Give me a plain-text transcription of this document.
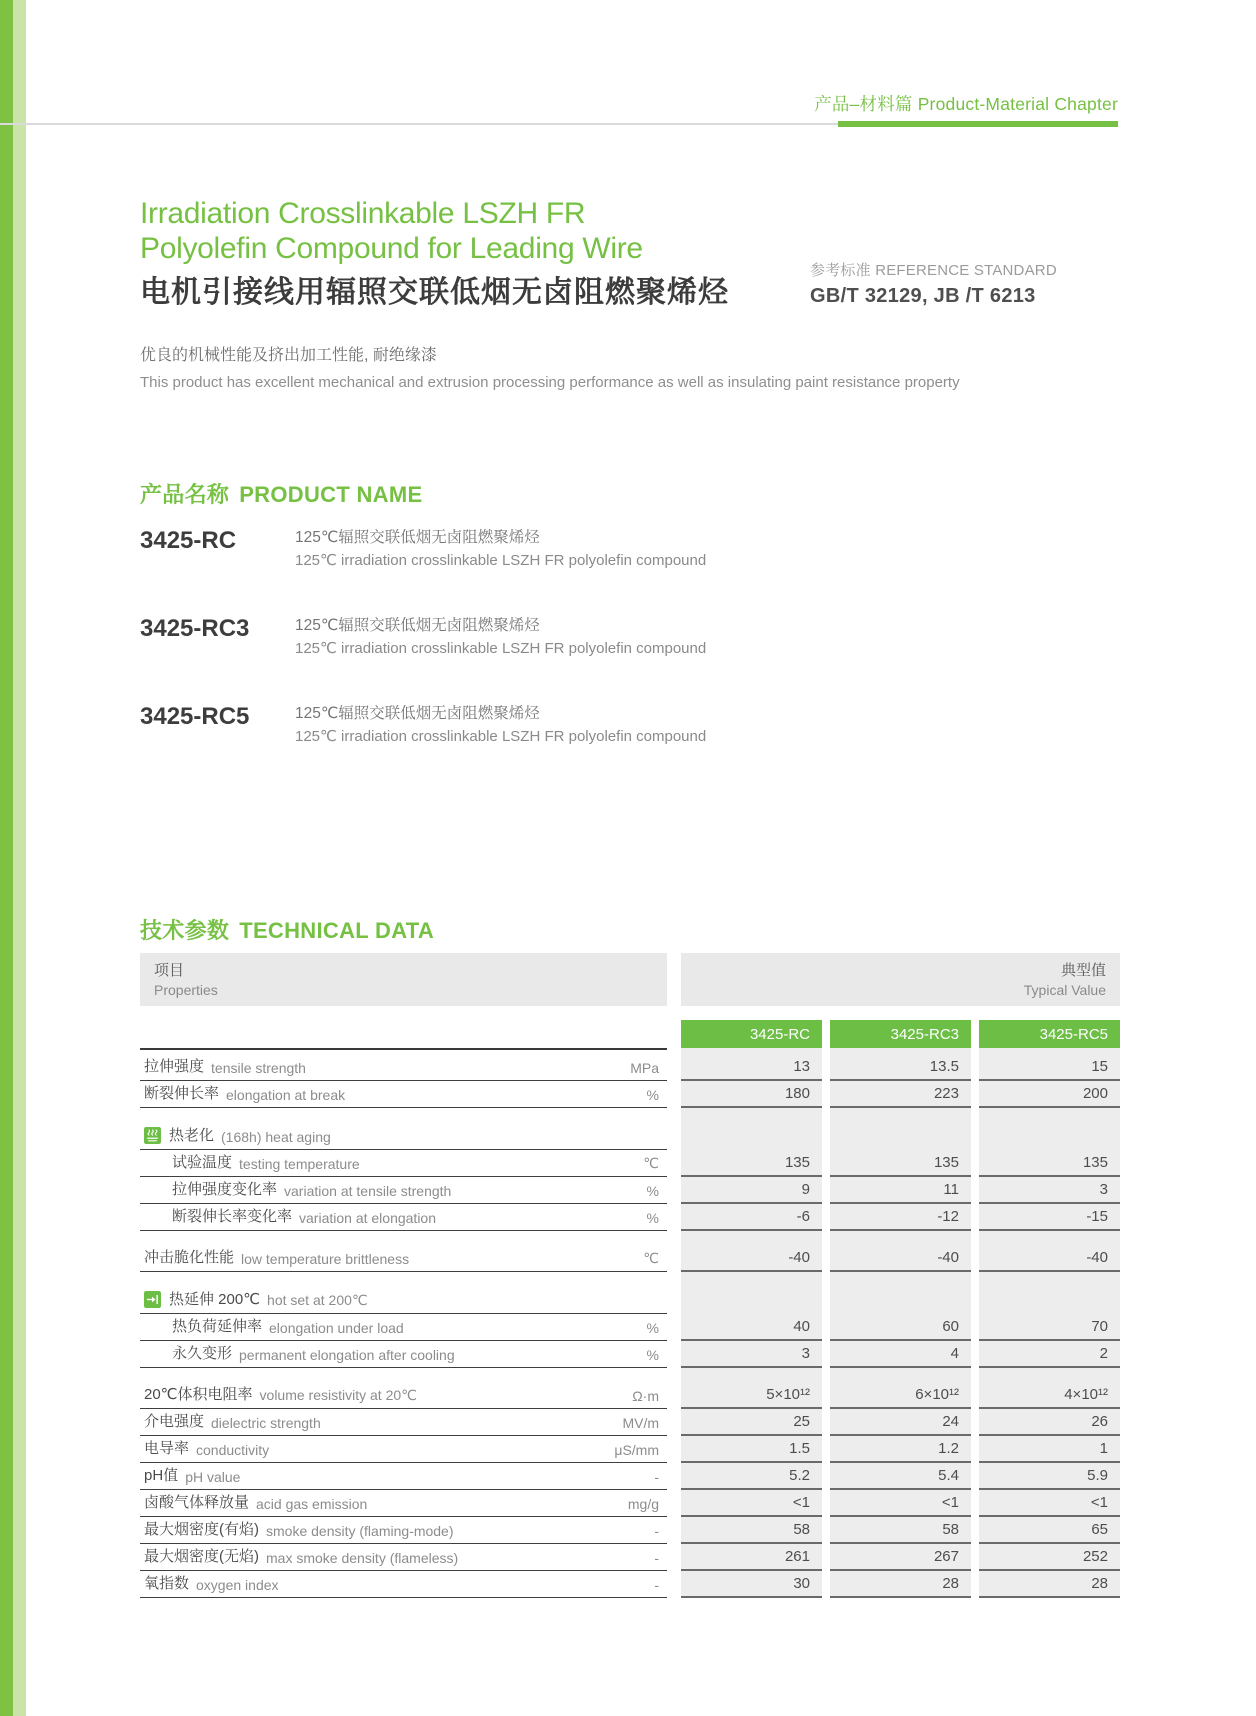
产品–材料篇 Product-Material Chapter
Irradiation Crosslinkable LSZH FR
Polyolefin Compound for Leading Wire
电机引接线用辐照交联低烟无卤阻燃聚烯烃
参考标准 REFERENCE STANDARD
GB/T 32129, JB /T 6213
优良的机械性能及挤出加工性能, 耐绝缘漆
This product has excellent mechanical and extrusion processing performance as well as insulating paint resistance property
产品名称 PRODUCT NAME
3425-RC	125℃辐照交联低烟无卤阻燃聚烯烃
125℃ irradiation crosslinkable LSZH FR polyolefin compound
3425-RC3	125℃辐照交联低烟无卤阻燃聚烯烃
125℃ irradiation crosslinkable LSZH FR polyolefin compound
3425-RC5	125℃辐照交联低烟无卤阻燃聚烯烃
125℃ irradiation crosslinkable LSZH FR polyolefin compound
技术参数 TECHNICAL DATA
项目
Properties
典型值
Typical Value
3425-RC	3425-RC3	3425-RC5
拉伸强度 tensile strength	MPa	13	13.5	15
断裂伸长率 elongation at break	%	180	223	200
热老化 (168h) heat aging
试验温度 testing temperature	℃	135	135	135
拉伸强度变化率 variation at tensile strength	%	9	11	3
断裂伸长率变化率 variation at elongation	%	-6	-12	-15
冲击脆化性能 low temperature brittleness	℃	-40	-40	-40
热延伸 200℃ hot set at 200℃
热负荷延伸率 elongation under load	%	40	60	70
永久变形 permanent elongation after cooling	%	3	4	2
20℃体积电阻率 volume resistivity at 20℃	Ω·m	5×10¹²	6×10¹²	4×10¹²
介电强度 dielectric strength	MV/m	25	24	26
电导率 conductivity	μS/mm	1.5	1.2	1
pH值 pH value	-	5.2	5.4	5.9
卤酸气体释放量 acid gas emission	mg/g	<1	<1	<1
最大烟密度(有焰) smoke density (flaming-mode)	-	58	58	65
最大烟密度(无焰) max smoke density (flameless)	-	261	267	252
氧指数 oxygen index	-	30	28	28
